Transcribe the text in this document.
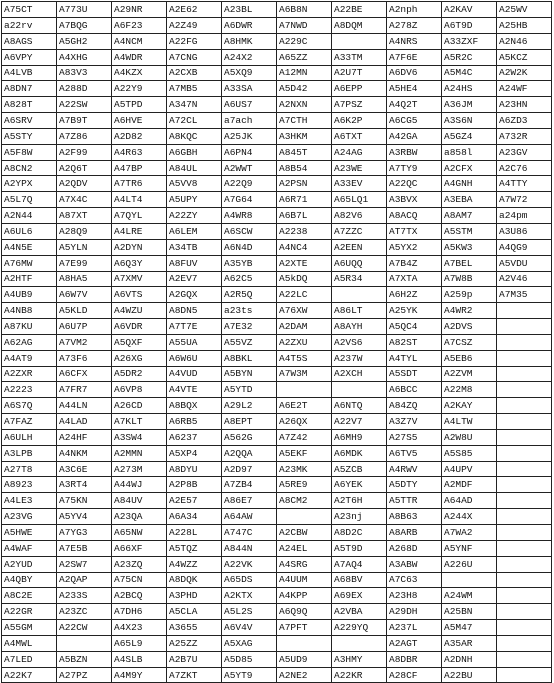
A75CT	A773U	A29NR	A2E62	A23BL	A6B8N	A22BE	A2nph	A2KAV	A25WV
a22rv	A7BQG	A6F23	A2Z49	A6DWR	A7NWD	A8DQM	A278Z	A6T9D	A25HB
A8AGS	A5GH2	A4NCM	A22FG	A8HMK	A229C		A4NRS	A33ZXF	A2N46
A6VPY	A4XHG	A4WDR	A7CNG	A24X2	A65ZZ	A33TM	A7F6E	A5R2C	A5KCZ
A4LVB	A83V3	A4KZX	A2CXB	A5XQ9	A12MN	A2U7T	A6DV6	A5M4C	A2W2K
A8DN7	A288D	A22Y9	A7MB5	A33SA	A5D42	A6EPP	A5HE4	A24HS	A24WF
A828T	A22SW	A5TPD	A347N	A6US7	A2NXN	A7PSZ	A4Q2T	A36JM	A23HN
A6SRV	A7B9T	A6HVE	A72CL	a7ach	A7CTH	A6K2P	A6CG5	A3S6N	A6ZD3
A5STY	A7Z86	A2D82	A8KQC	A25JK	A3HKM	A6TXT	A42GA	A5GZ4	A732R
A5F8W	A2F99	A4R63	A6GBH	A6PN4	A845T	A24AG	A3RBW	a858l	A23GV
A8CN2	A2Q6T	A47BP	A84UL	A2WWT	A8B54	A23WE	A7TY9	A2CFX	A2C76
A2YPX	A2QDV	A7TR6	A5VV8	A22Q9	A2PSN	A33EV	A22QC	A4GNH	A4TTY
A5L7Q	A7X4C	A4LT4	A5UPY	A7G64	A6R71	A65LQ1	A3BVX	A3EBA	A7W72
A2N44	A87XT	A7QYL	A22ZY	A4WR8	A6B7L	A82V6	A8ACQ	A8AM7	a24pm
A6UL6	A28Q9	A4LRE	A6LEM	A6SCW	A2238	A7ZZC	AT7TX	A5STM	A3U86
A4N5E	A5YLN	A2DYN	A34TB	A6N4D	A4NC4	A2EEN	A5YX2	A5KW3	A4QG9
A76MW	A7E99	A6Q3Y	A8FUV	A35YB	A2XTE	A6UQQ	A7B4Z	A7BEL	A5VDU
A2HTF	A8HA5	A7XMV	A2EV7	A62C5	A5kDQ	A5R34	A7XTA	A7W8B	A2V46
A4UB9	A6W7V	A6VTS	A2GQX	A2R5Q	A22LC		A6H2Z	A259p	A7M35
A4NB8	A5KLD	A4WZU	A8DN5	a23ts	A76XW	A86LT	A25YK	A4WR2	
A87KU	A6U7P	A6VDR	A7T7E	A7E32	A2DAM	A8AYH	A5QC4	A2DVS	
A62AG	A7VM2	A5QXF	A55UA	A55VZ	A2ZXU	A2VS6	A82ST	A7CSZ	
A4AT9	A73F6	A26XG	A6W6U	A8BKL	A4T5S	A237W	A4TYL	A5EB6	
A2ZXR	A6CFX	A5DR2	A4VUD	A5BYN	A7W3M	A2XCH	A5SDT	A2ZVM	
A2223	A7FR7	A6VP8	A4VTE	A5YTD			A6BCC	A22M8	
A6S7Q	A44LN	A26CD	A8BQX	A29L2	A6E2T	A6NTQ	A84ZQ	A2KAY	
A7FAZ	A4LAD	A7KLT	A6RB5	A8EPT	A26QX	A22V7	A3Z7V	A4LTW	
A6ULH	A24HF	A3SW4	A6237	A562G	A7Z42	A6MH9	A27S5	A2W8U	
A3LPB	A4NKM	A2MMN	A5XP4	A2QQA	A5EKF	A6MDK	A6TV5	A5S85	
A27T8	A3C6E	A273M	A8DYU	A2D97	A23MK	A5ZCB	A4RWV	A4UPV	
A8923	A3RT4	A44WJ	A2P8B	A7ZB4	A5RE9	A6YEK	A5DTY	A2MDF	
A4LE3	A75KN	A84UV	A2E57	A86E7	A8CM2	A2T6H	A5TTR	A64AD	
A23VG	A5YV4	A23QA	A6A34	A64AW		A23nj	A8B63	A244X	
A5HWE	A7YG3	A65NW	A228L	A747C	A2CBW	A8D2C	A8ARB	A7WA2	
A4WAF	A7E5B	A66XF	A5TQZ	A844N	A24EL	A5T9D	A268D	A5YNF	
A2YUD	A2SW7	A23ZQ	A4WZZ	A22VK	A4SRG	A7AQ4	A3ABW	A226U	
A4QBY	A2QAP	A75CN	A8DQK	A65DS	A4UUM	A68BV	A7C63		
A8C2E	A233S	A2BCQ	A3PHD	A2KTX	A4KPP	A69EX	A23H8	A24WM	
A22GR	A23ZC	A7DH6	A5CLA	A5L2S	A6Q9Q	A2VBA	A29DH	A25BN	
A55GM	A22CW	A4X23	A3655	A6V4V	A7PFT	A229YQ	A237L	A5M47	
A4MWL		A65L9	A25ZZ	A5XAG			A2AGT	A35AR	
A7LED	A5BZN	A4SLB	A2B7U	A5D85	A5UD9	A3HMY	A8DBR	A2DNH	
A22K7	A27PZ	A4M9Y	A7ZKT	A5YT9	A2NE2	A22KR	A28CF	A22BU	
